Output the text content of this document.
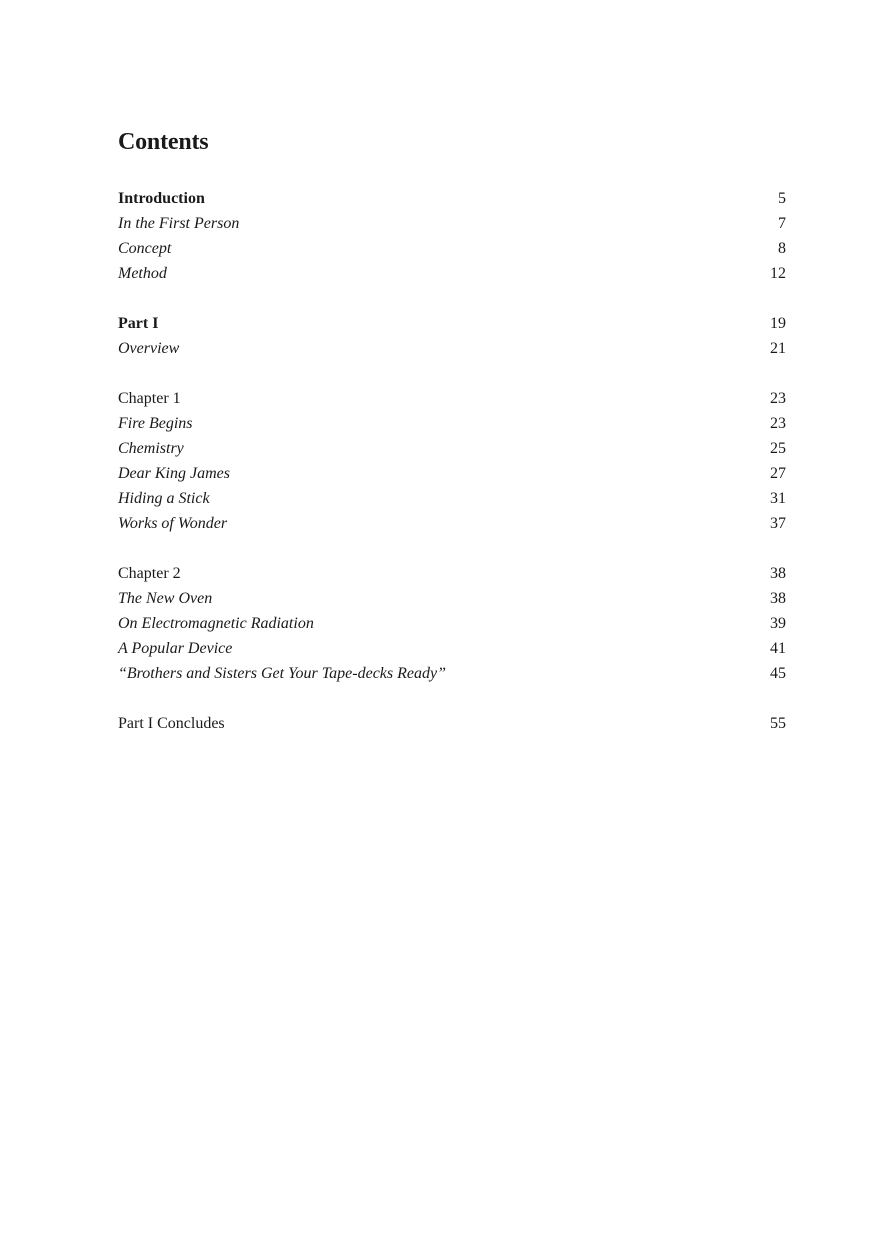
Contents
Introduction	5
In the First Person	7
Concept	8
Method	12
Part I	19
Overview	21
Chapter 1	23
Fire Begins	23
Chemistry	25
Dear King James	27
Hiding a Stick	31
Works of Wonder	37
Chapter 2	38
The New Oven	38
On Electromagnetic Radiation	39
A Popular Device	41
“Brothers and Sisters Get Your Tape-decks Ready”	45
Part I Concludes	55
